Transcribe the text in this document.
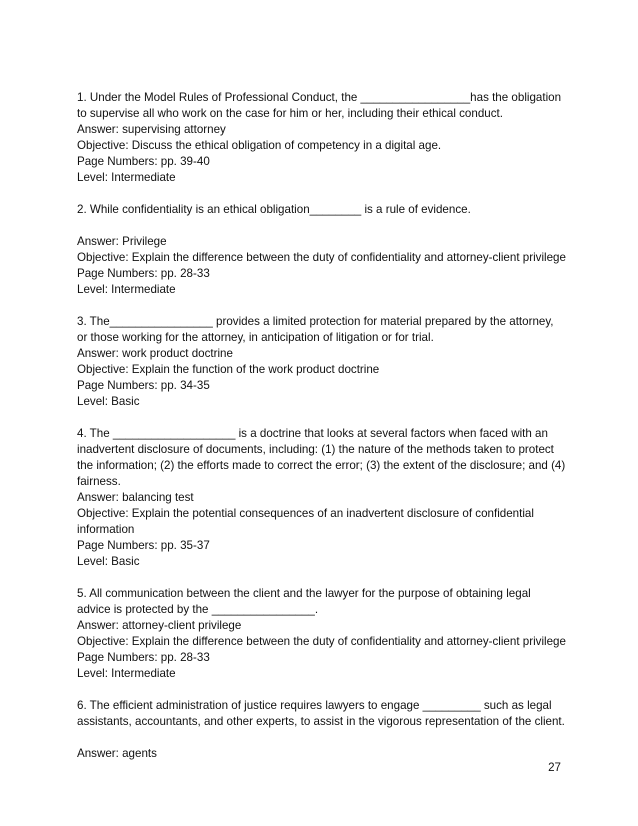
1. Under the Model Rules of Professional Conduct, the _________________has the obligation
to supervise all who work on the case for him or her, including their ethical conduct.
Answer: supervising attorney
Objective: Discuss the ethical obligation of competency in a digital age.
Page Numbers: pp. 39-40
Level: Intermediate
2. While confidentiality is an ethical obligation________ is a rule of evidence.
Answer: Privilege
Objective: Explain the difference between the duty of confidentiality and attorney-client privilege
Page Numbers: pp. 28-33
Level: Intermediate
3. The________________ provides a limited protection for material prepared by the attorney,
or those working for the attorney, in anticipation of litigation or for trial.
Answer: work product doctrine
Objective: Explain the function of the work product doctrine
Page Numbers: pp. 34-35
Level: Basic
4. The ___________________ is a doctrine that looks at several factors when faced with an
inadvertent disclosure of documents, including: (1) the nature of the methods taken to protect
the information; (2) the efforts made to correct the error; (3) the extent of the disclosure; and (4)
fairness.
Answer: balancing test
Objective: Explain the potential consequences of an inadvertent disclosure of confidential
information
Page Numbers: pp. 35-37
Level: Basic
5. All communication between the client and the lawyer for the purpose of obtaining legal
advice is protected by the ________________.
Answer: attorney-client privilege
Objective: Explain the difference between the duty of confidentiality and attorney-client privilege
Page Numbers: pp. 28-33
Level: Intermediate
6. The efficient administration of justice requires lawyers to engage _________ such as legal
assistants, accountants, and other experts, to assist in the vigorous representation of the client.
Answer: agents
27
